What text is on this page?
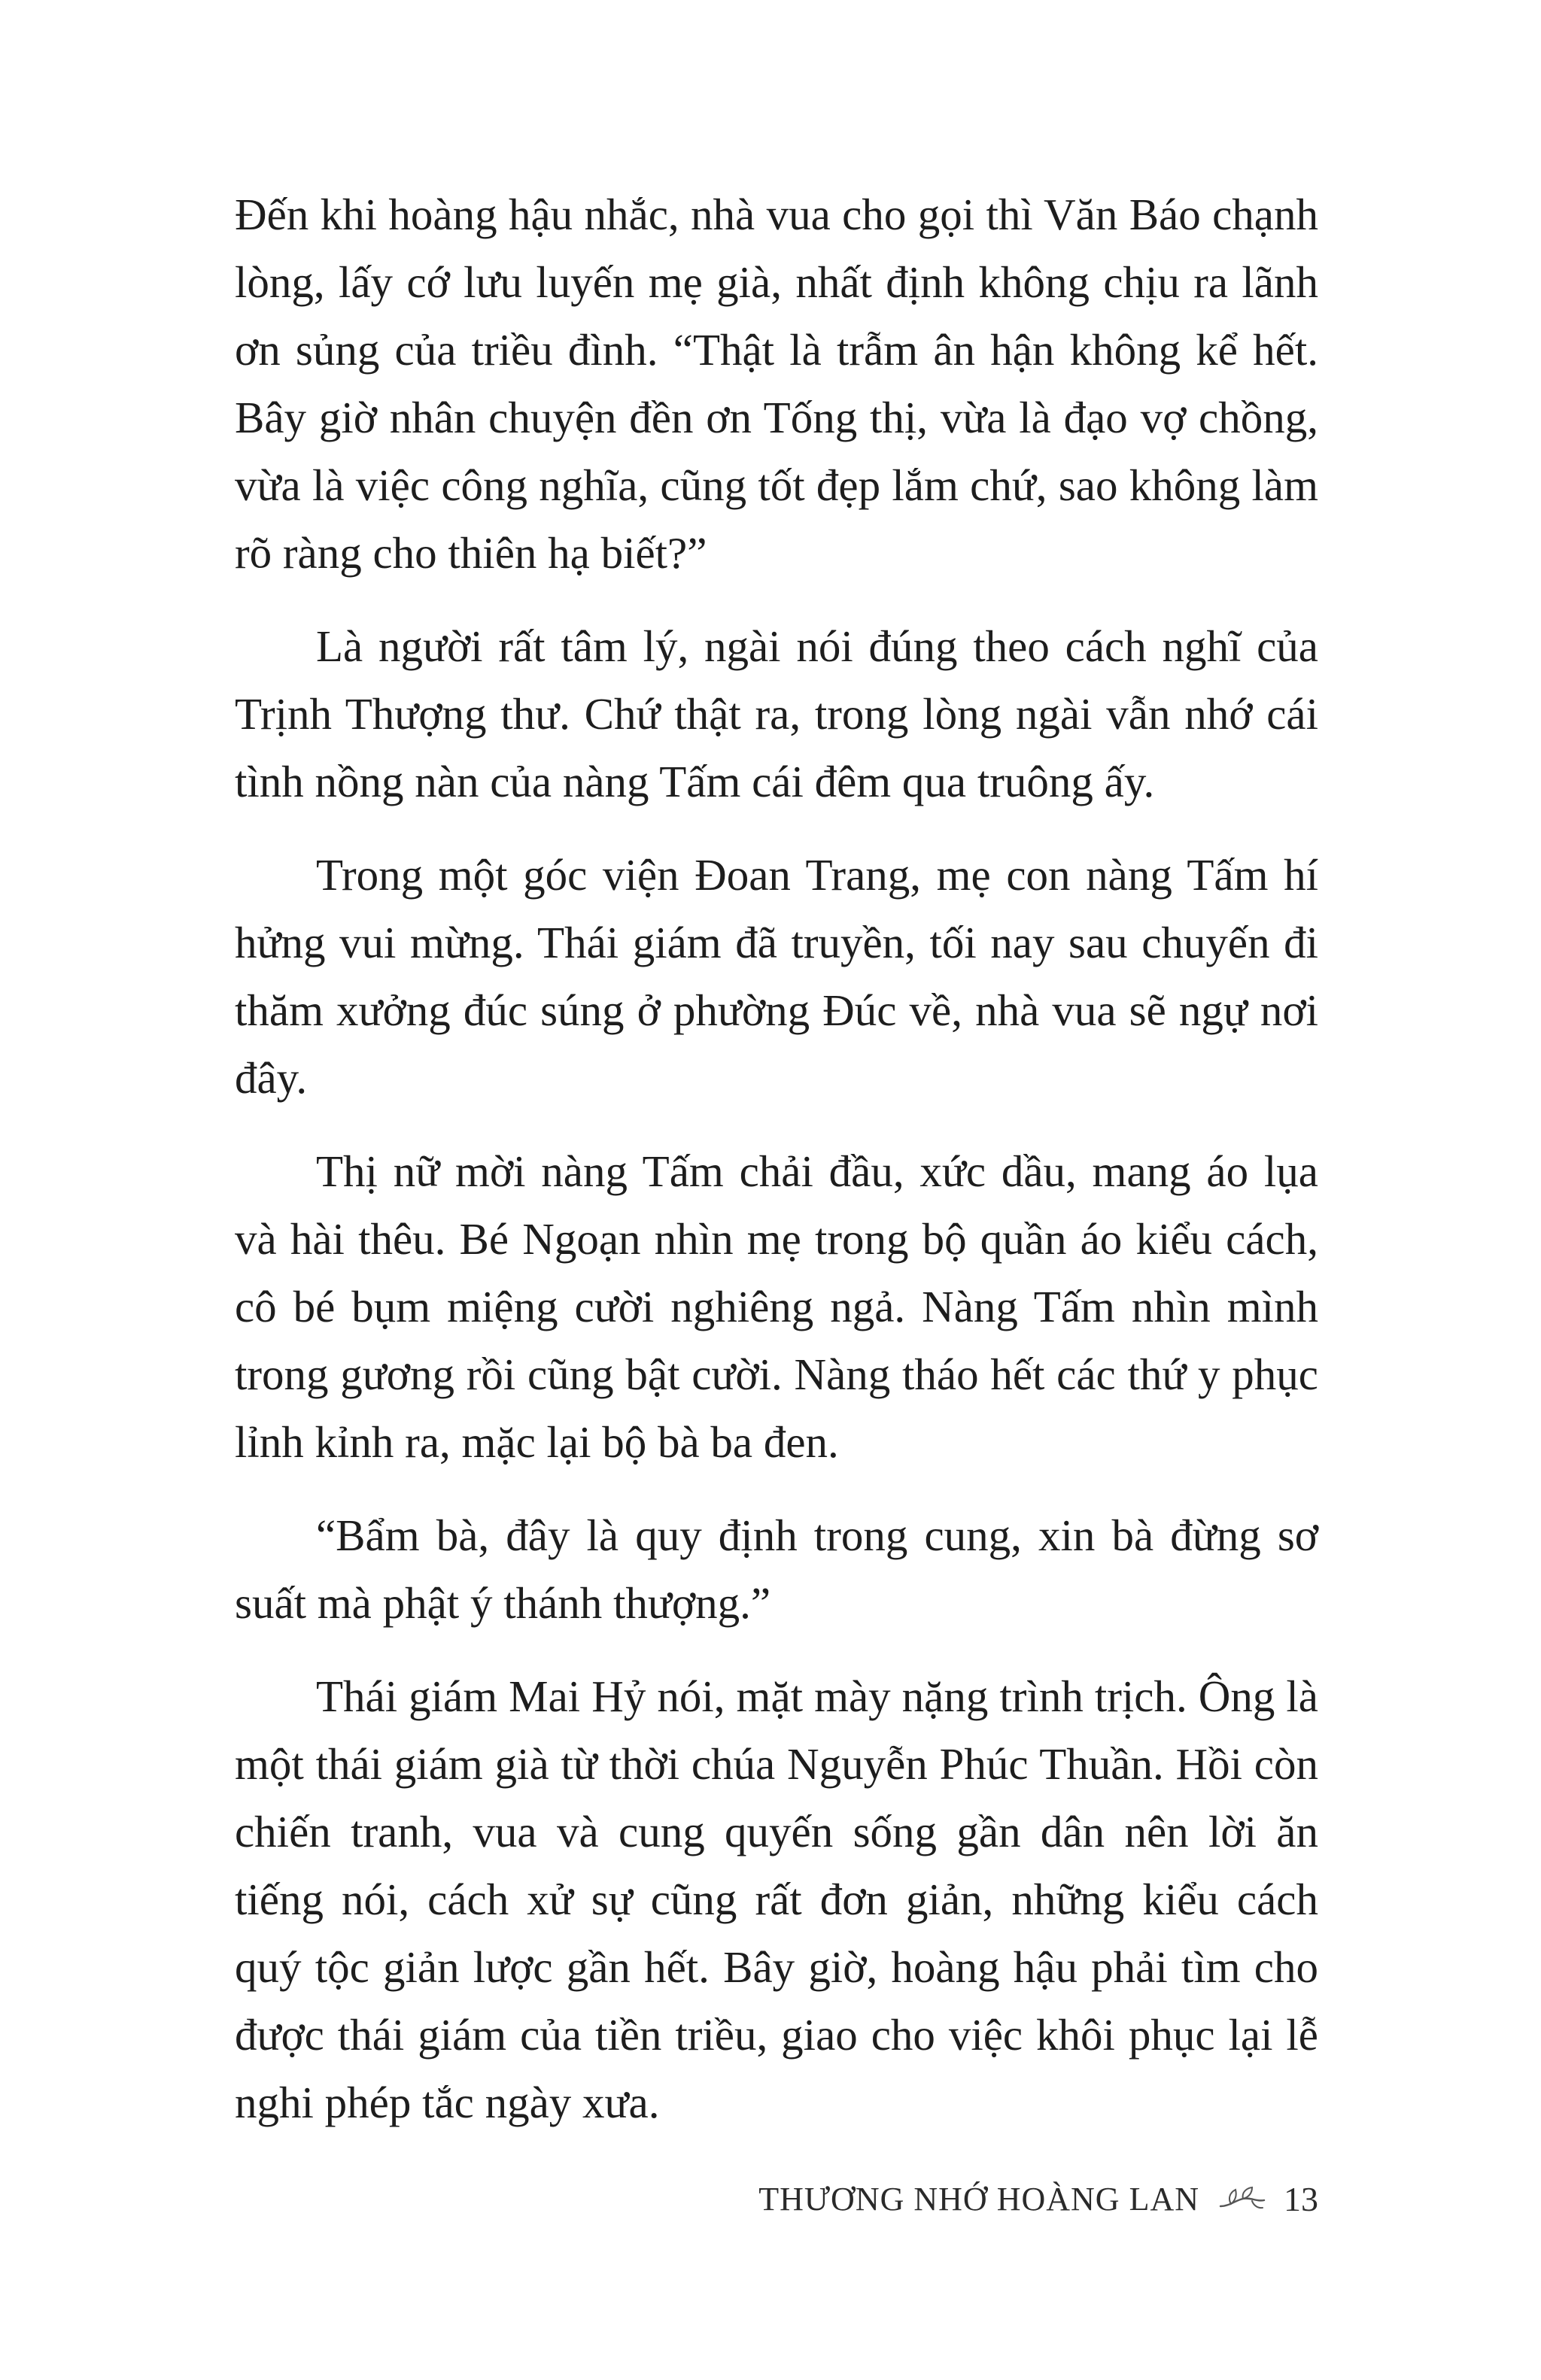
Đến khi hoàng hậu nhắc, nhà vua cho gọi thì Văn Báo chạnh lòng, lấy cớ lưu luyến mẹ già, nhất định không chịu ra lãnh ơn sủng của triều đình. “Thật là trẫm ân hận không kể hết. Bây giờ nhân chuyện đền ơn Tống thị, vừa là đạo vợ chồng, vừa là việc công nghĩa, cũng tốt đẹp lắm chứ, sao không làm rõ ràng cho thiên hạ biết?”

Là người rất tâm lý, ngài nói đúng theo cách nghĩ của Trịnh Thượng thư. Chứ thật ra, trong lòng ngài vẫn nhớ cái tình nồng nàn của nàng Tấm cái đêm qua truông ấy.

Trong một góc viện Đoan Trang, mẹ con nàng Tấm hí hửng vui mừng. Thái giám đã truyền, tối nay sau chuyến đi thăm xưởng đúc súng ở phường Đúc về, nhà vua sẽ ngự nơi đây.

Thị nữ mời nàng Tấm chải đầu, xức dầu, mang áo lụa và hài thêu. Bé Ngoạn nhìn mẹ trong bộ quần áo kiểu cách, cô bé bụm miệng cười nghiêng ngả. Nàng Tấm nhìn mình trong gương rồi cũng bật cười. Nàng tháo hết các thứ y phục lỉnh kỉnh ra, mặc lại bộ bà ba đen.

“Bẩm bà, đây là quy định trong cung, xin bà đừng sơ suất mà phật ý thánh thượng.”

Thái giám Mai Hỷ nói, mặt mày nặng trình trịch. Ông là một thái giám già từ thời chúa Nguyễn Phúc Thuần. Hồi còn chiến tranh, vua và cung quyến sống gần dân nên lời ăn tiếng nói, cách xử sự cũng rất đơn giản, những kiểu cách quý tộc giản lược gần hết. Bây giờ, hoàng hậu phải tìm cho được thái giám của tiền triều, giao cho việc khôi phục lại lễ nghi phép tắc ngày xưa.

THƯƠNG NHỚ HOÀNG LAN 13
